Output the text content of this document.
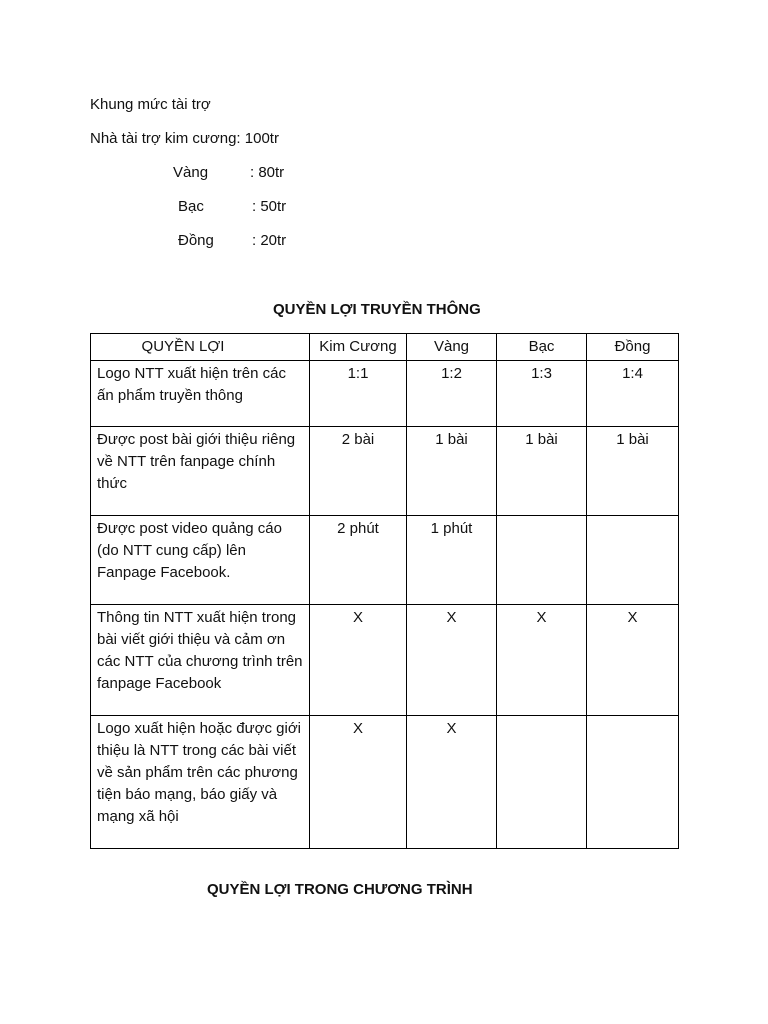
Khung mức tài trợ
Nhà tài trợ kim cương: 100tr
Vàng	: 80tr
Bạc	: 50tr
Đồng	: 20tr
QUYỀN LỢI TRUYỀN THÔNG
QUYỀN LỢI	Kim Cương	Vàng	Bạc	Đồng
Logo NTT xuất hiện trên các ấn phẩm truyền thông	1:1	1:2	1:3	1:4
Được post bài giới thiệu riêng về NTT trên fanpage chính thức	2 bài	1 bài	1 bài	1 bài
Được post video quảng cáo (do NTT cung cấp) lên Fanpage Facebook.	2 phút	1 phút		
Thông tin NTT xuất hiện trong bài viết giới thiệu và cảm ơn các NTT của chương trình trên fanpage Facebook	X	X	X	X
Logo xuất hiện hoặc được giới thiệu là NTT trong các bài viết về sản phẩm trên các phương tiện báo mạng, báo giấy và mạng xã hội	X	X		
QUYỀN LỢI TRONG CHƯƠNG TRÌNH
